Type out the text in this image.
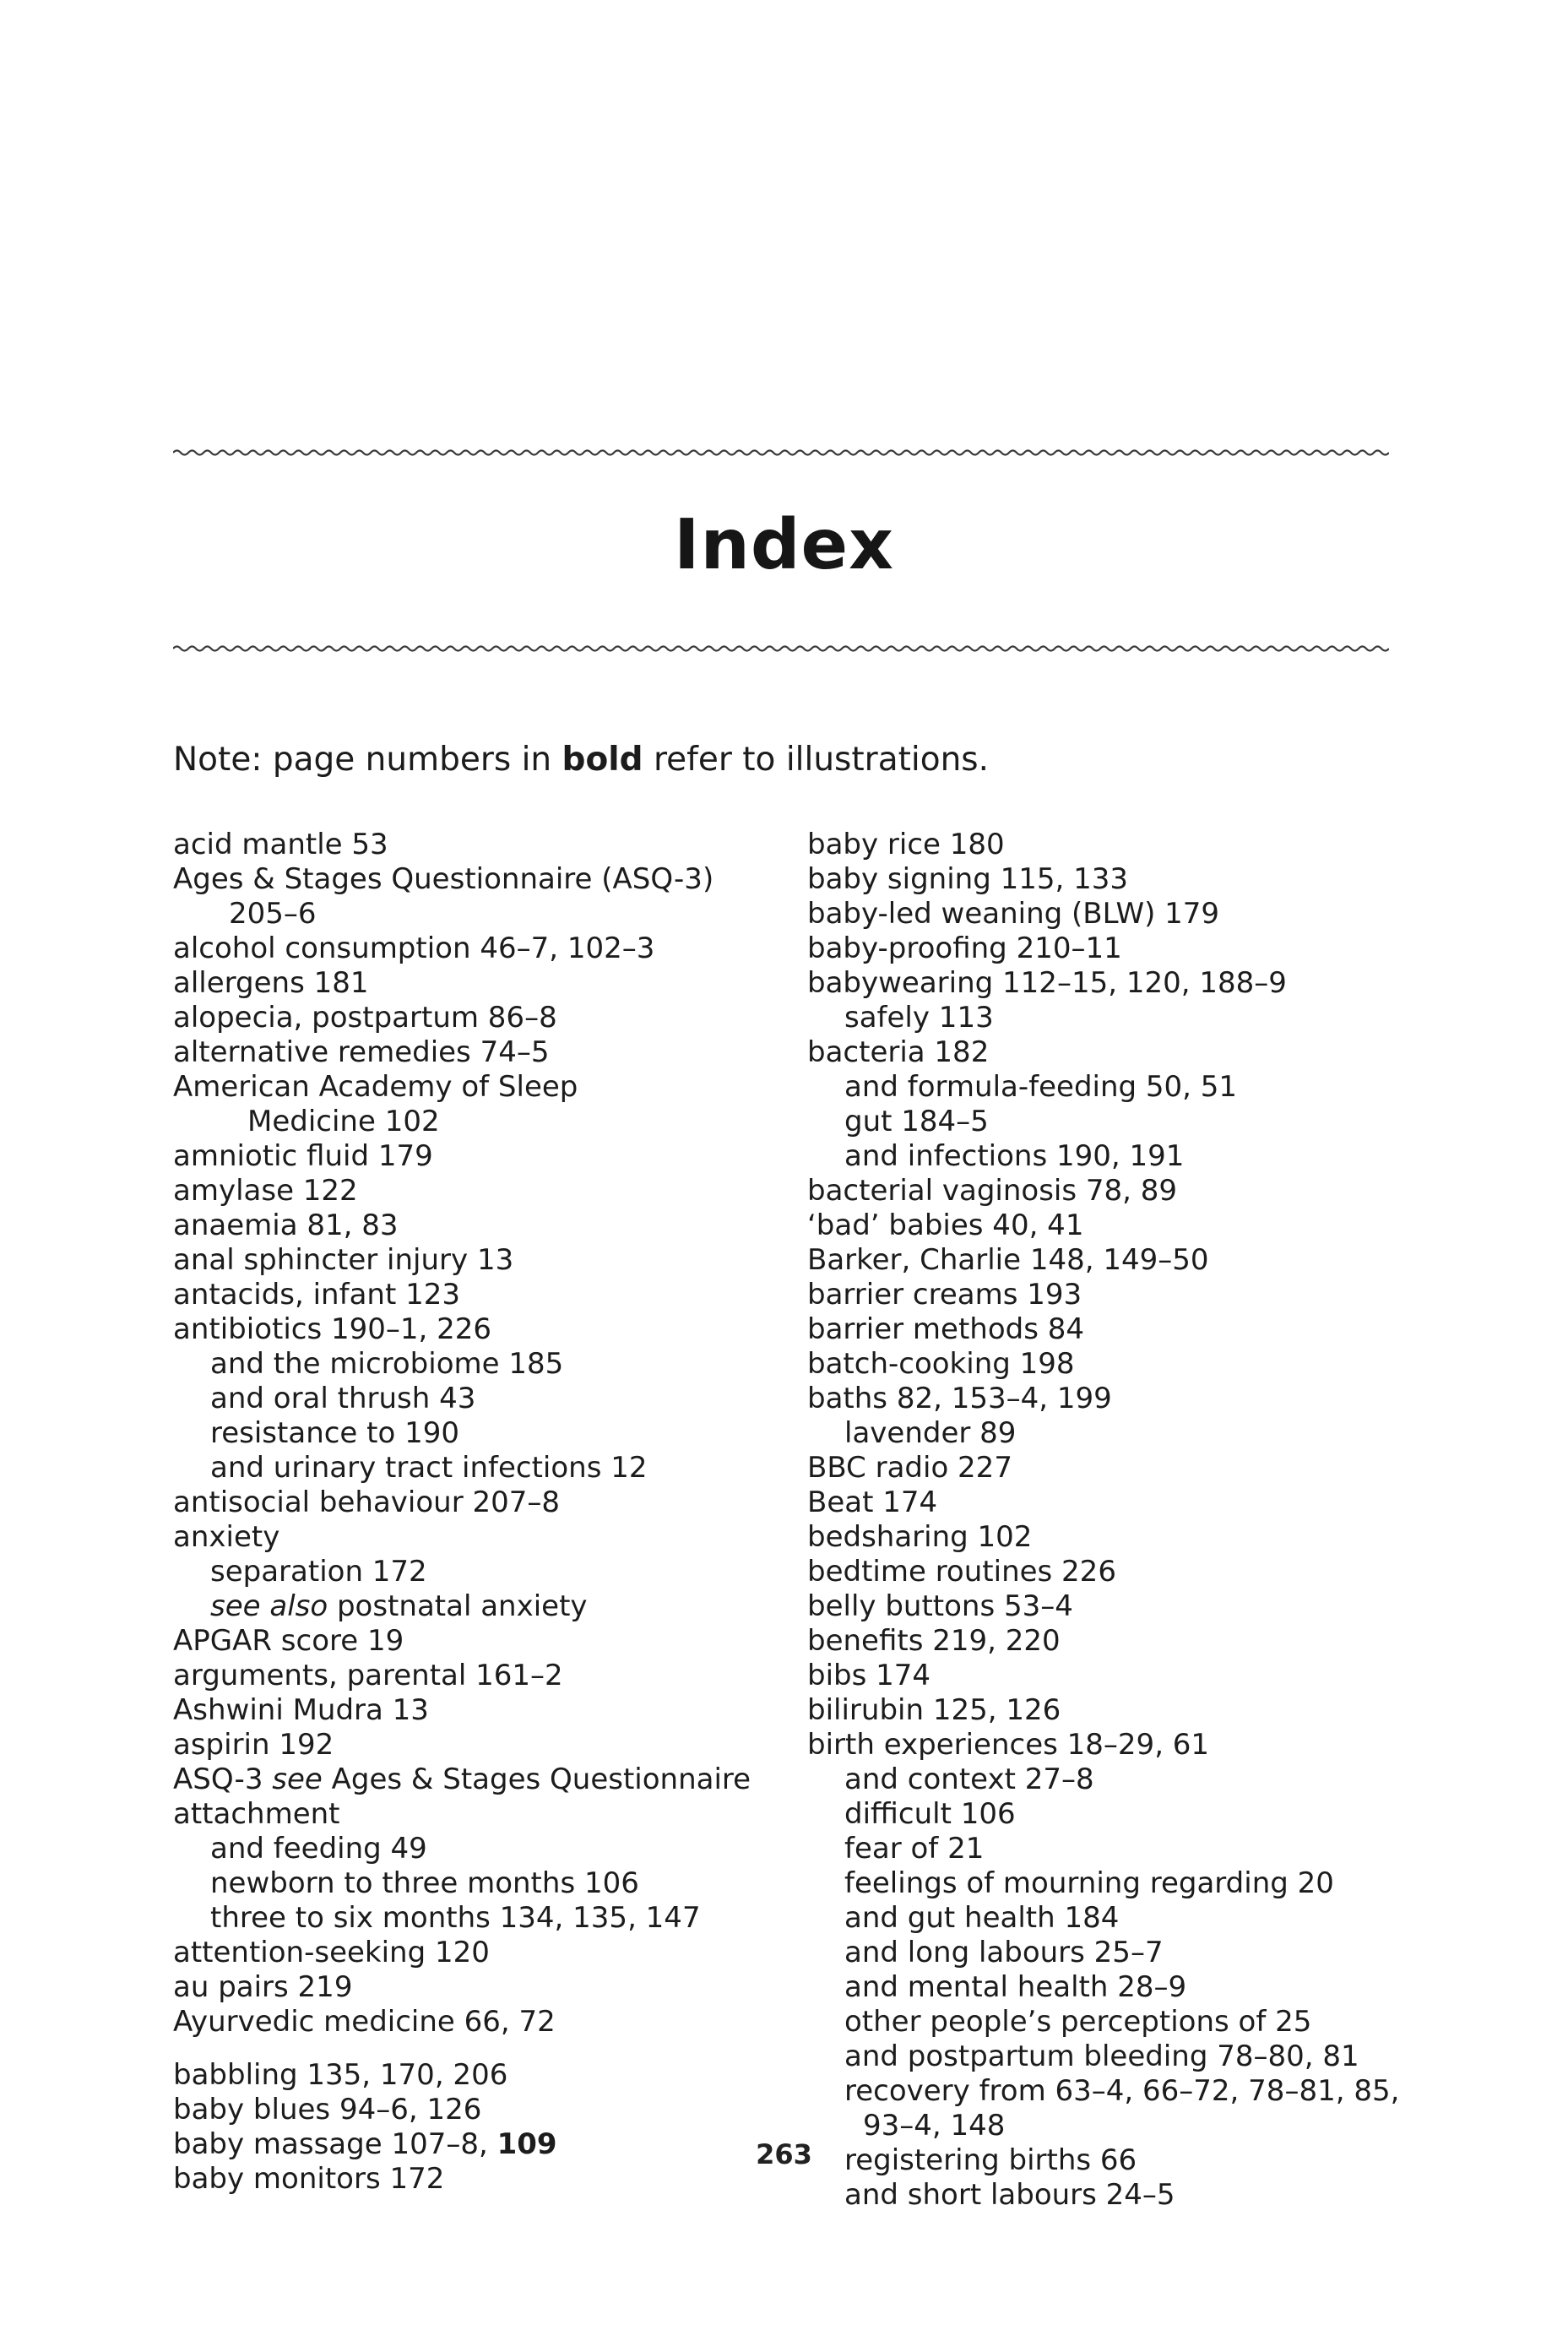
Index
Note: page numbers in bold refer to illustrations.
acid mantle 53
Ages & Stages Questionnaire (ASQ-3)
205–6
alcohol consumption 46–7, 102–3
allergens 181
alopecia, postpartum 86–8
alternative remedies 74–5
American Academy of Sleep
Medicine 102
amniotic fluid 179
amylase 122
anaemia 81, 83
anal sphincter injury 13
antacids, infant 123
antibiotics 190–1, 226
and the microbiome 185
and oral thrush 43
resistance to 190
and urinary tract infections 12
antisocial behaviour 207–8
anxiety
separation 172
see also postnatal anxiety
APGAR score 19
arguments, parental 161–2
Ashwini Mudra 13
aspirin 192
ASQ-3 see Ages & Stages Questionnaire
attachment
and feeding 49
newborn to three months 106
three to six months 134, 135, 147
attention-seeking 120
au pairs 219
Ayurvedic medicine 66, 72
babbling 135, 170, 206
baby blues 94–6, 126
baby massage 107–8, 109
baby monitors 172
baby rice 180
baby signing 115, 133
baby-led weaning (BLW) 179
baby-proofing 210–11
babywearing 112–15, 120, 188–9
safely 113
bacteria 182
and formula-feeding 50, 51
gut 184–5
and infections 190, 191
bacterial vaginosis 78, 89
‘bad’ babies 40, 41
Barker, Charlie 148, 149–50
barrier creams 193
barrier methods 84
batch-cooking 198
baths 82, 153–4, 199
lavender 89
BBC radio 227
Beat 174
bedsharing 102
bedtime routines 226
belly buttons 53–4
benefits 219, 220
bibs 174
bilirubin 125, 126
birth experiences 18–29, 61
and context 27–8
difficult 106
fear of 21
feelings of mourning regarding 20
and gut health 184
and long labours 25–7
and mental health 28–9
other people’s perceptions of 25
and postpartum bleeding 78–80, 81
recovery from 63–4, 66–72, 78–81, 85,
93–4, 148
registering births 66
and short labours 24–5
263
